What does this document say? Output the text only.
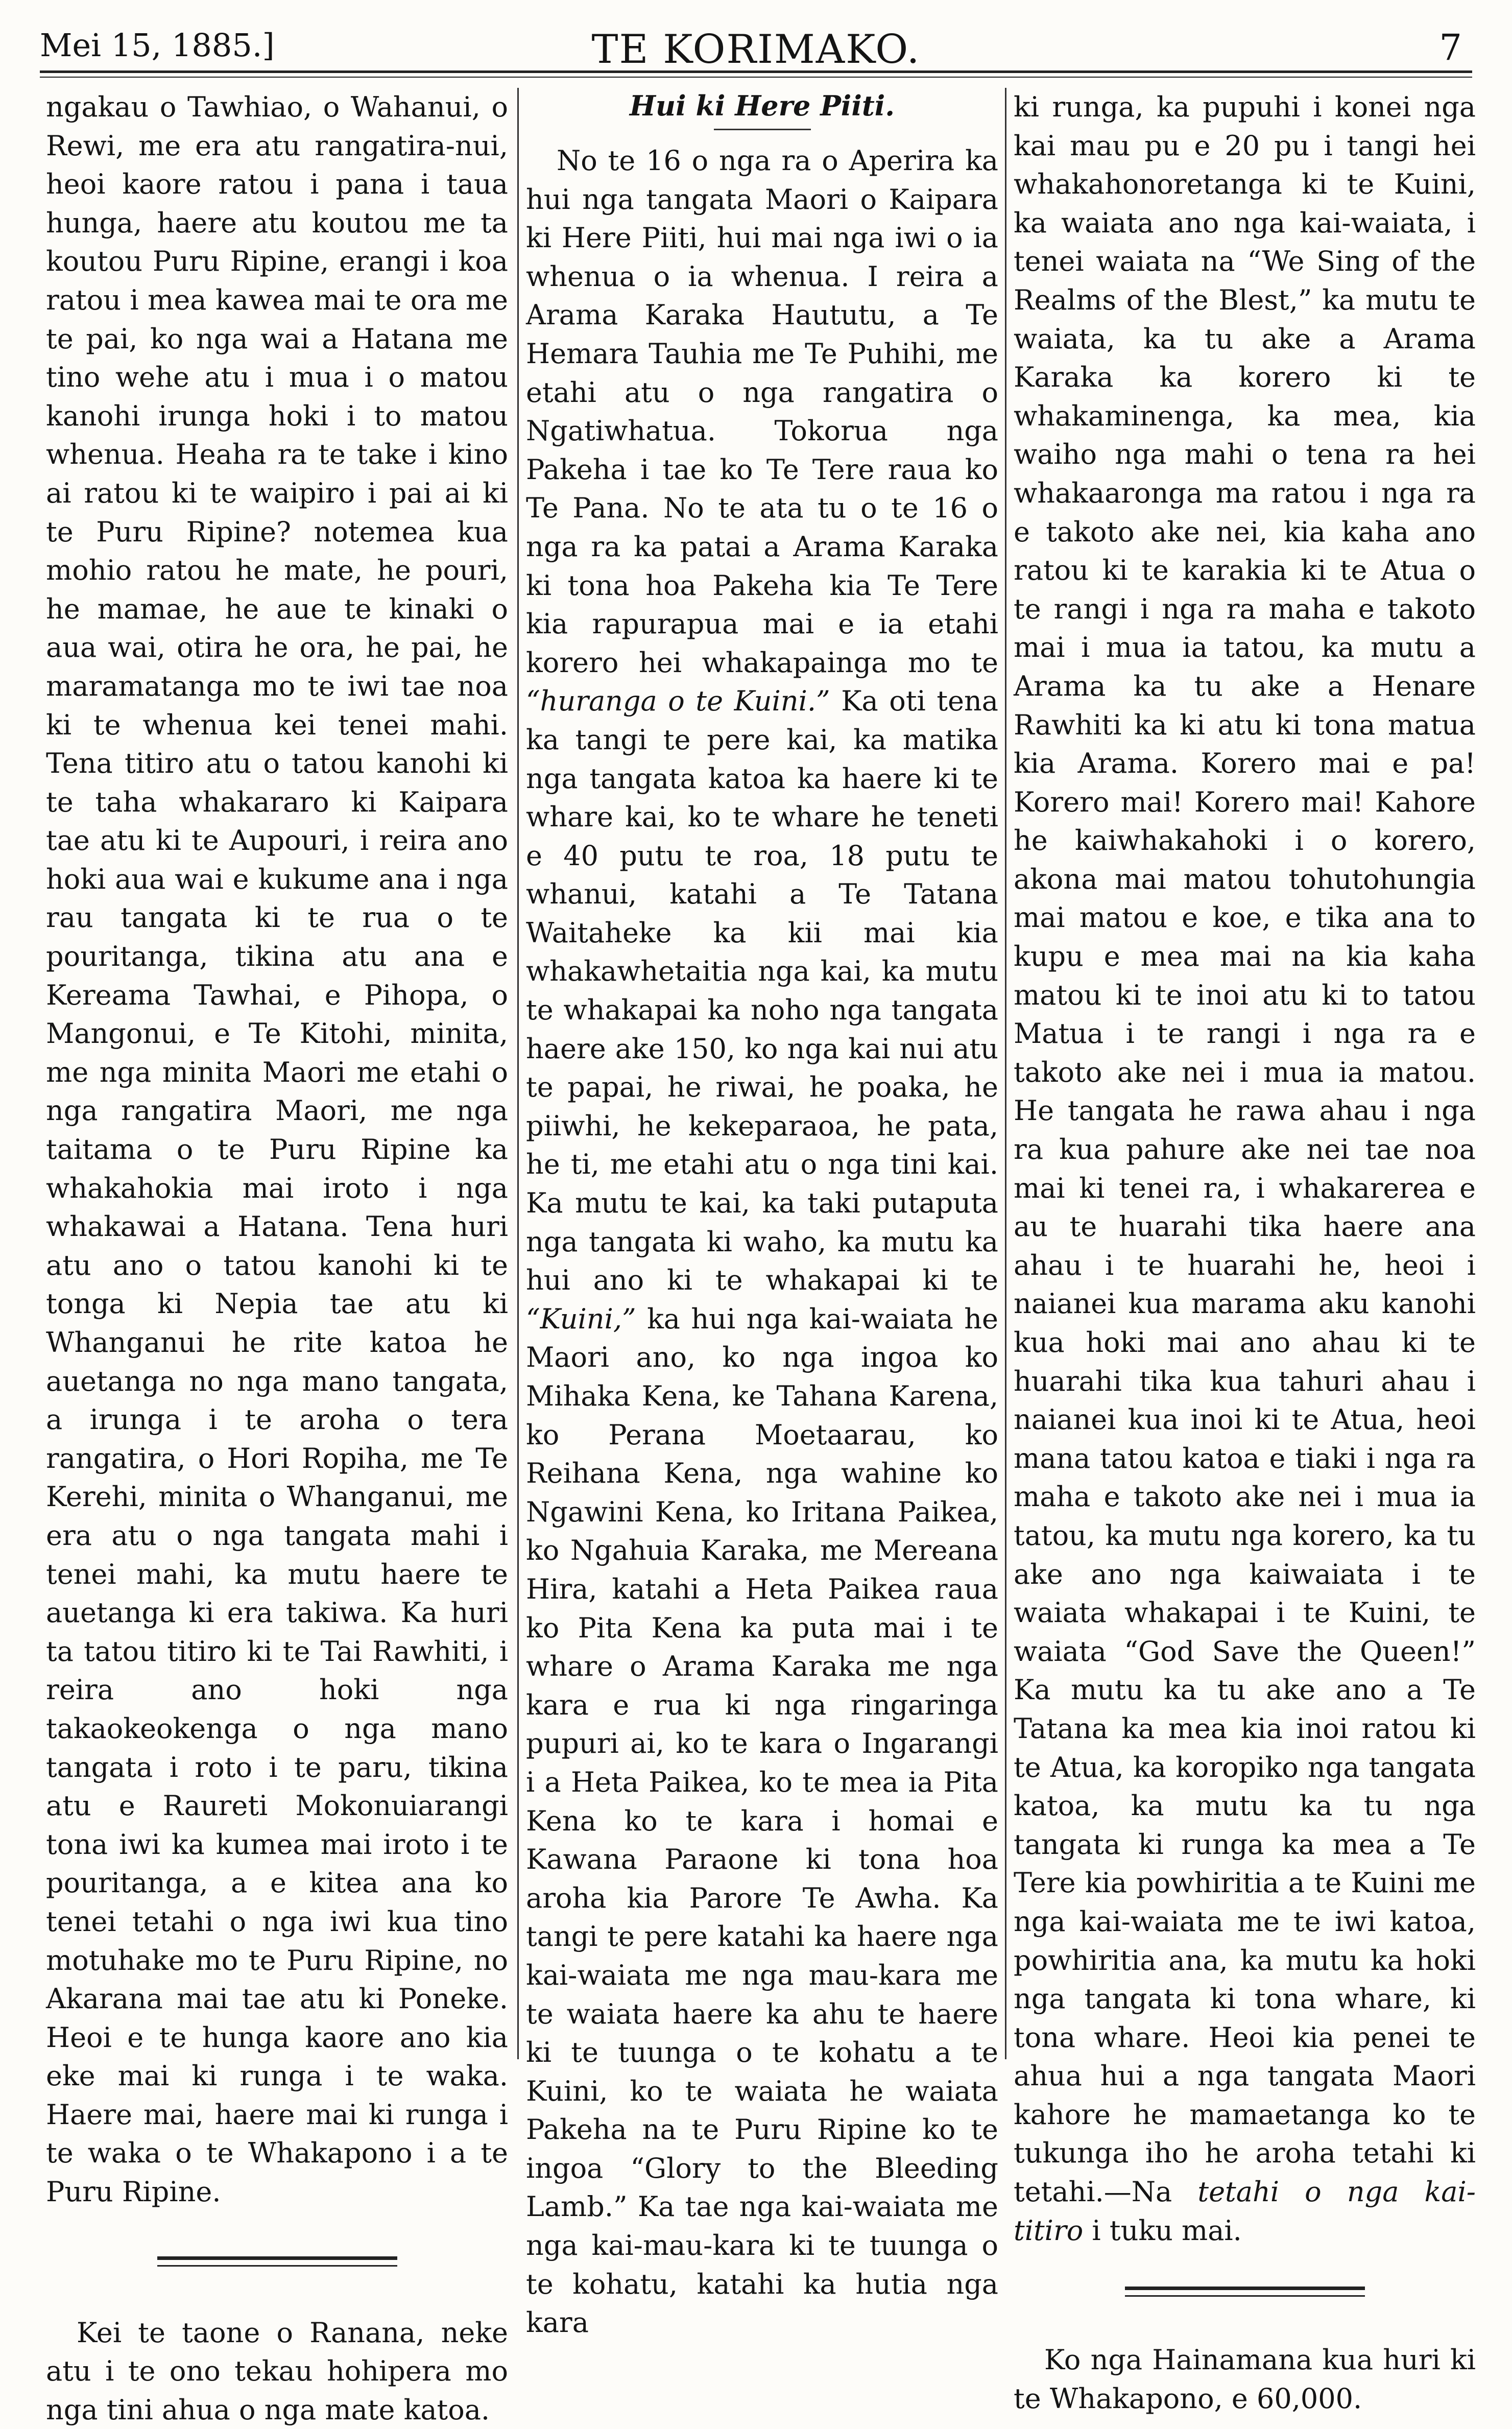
Mei 15, 1885.]	TE KORIMAKO.	7

ngakau o Tawhiao, o Wahanui, o Rewi, me era atu rangatira-nui, heoi kaore ratou i pana i taua hunga, haere atu koutou me ta koutou Puru Ripine, erangi i koa ratou i mea kawea mai te ora me te pai, ko nga wai a Hatana me tino wehe atu i mua i o matou kanohi irunga hoki i to matou whenua. Heaha ra te take i kino ai ratou ki te waipiro i pai ai ki te Puru Ripine? notemea kua mohio ratou he mate, he pouri, he mamae, he aue te kinaki o aua wai, otira he ora, he pai, he maramatanga mo te iwi tae noa ki te whenua kei tenei mahi. Tena titiro atu o tatou kanohi ki te taha whakararo ki Kaipara tae atu ki te Aupouri, i reira ano hoki aua wai e kukume ana i nga rau tangata ki te rua o te pouritanga, tikina atu ana e Kereama Tawhai, e Pihopa, o Mangonui, e Te Kitohi, minita, me nga minita Maori me etahi o nga rangatira Maori, me nga taitama o te Puru Ripine ka whakahokia mai iroto i nga whakawai a Hatana. Tena huri atu ano o tatou kanohi ki te tonga ki Nepia tae atu ki Whanganui he rite katoa he auetanga no nga mano tangata, a irunga i te aroha o tera rangatira, o Hori Ropiha, me Te Kerehi, minita o Whanganui, me era atu o nga tangata mahi i tenei mahi, ka mutu haere te auetanga ki era takiwa. Ka huri ta tatou titiro ki te Tai Rawhiti, i reira ano hoki nga takaokeokenga o nga mano tangata i roto i te paru, tikina atu e Raureti Mokonuiarangi tona iwi ka kumea mai iroto i te pouritanga, a e kitea ana ko tenei tetahi o nga iwi kua tino motuhake mo te Puru Ripine, no Akarana mai tae atu ki Poneke. Heoi e te hunga kaore ano kia eke mai ki runga i te waka. Haere mai, haere mai ki runga i te waka o te Whakapono i a te Puru Ripine.

Kei te taone o Ranana, neke atu i te ono tekau hohipera mo nga tini ahua o nga mate katoa.

Hui ki Here Piiti.

No te 16 o nga ra o Aperira ka hui nga tangata Maori o Kaipara ki Here Piiti, hui mai nga iwi o ia whenua o ia whenua. I reira a Arama Karaka Haututu, a Te Hemara Tauhia me Te Puhihi, me etahi atu o nga rangatira o Ngatiwhatua. Tokorua nga Pakeha i tae ko Te Tere raua ko Te Pana. No te ata tu o te 16 o nga ra ka patai a Arama Karaka ki tona hoa Pakeha kia Te Tere kia rapurapua mai e ia etahi korero hei whakapainga mo te “huranga o te Kuini.” Ka oti tena ka tangi te pere kai, ka matika nga tangata katoa ka haere ki te whare kai, ko te whare he teneti e 40 putu te roa, 18 putu te whanui, katahi a Te Tatana Waitaheke ka kii mai kia whakawhetaitia nga kai, ka mutu te whakapai ka noho nga tangata haere ake 150, ko nga kai nui atu te papai, he riwai, he poaka, he piiwhi, he kekeparaoa, he pata, he ti, me etahi atu o nga tini kai. Ka mutu te kai, ka taki putaputa nga tangata ki waho, ka mutu ka hui ano ki te whakapai ki te “Kuini,” ka hui nga kai-waiata he Maori ano, ko nga ingoa ko Mihaka Kena, ke Tahana Karena, ko Perana Moetaarau, ko Reihana Kena, nga wahine ko Ngawini Kena, ko Iritana Paikea, ko Ngahuia Karaka, me Mereana Hira, katahi a Heta Paikea raua ko Pita Kena ka puta mai i te whare o Arama Karaka me nga kara e rua ki nga ringaringa pupuri ai, ko te kara o Ingarangi i a Heta Paikea, ko te mea ia Pita Kena ko te kara i homai e Kawana Paraone ki tona hoa aroha kia Parore Te Awha. Ka tangi te pere katahi ka haere nga kai-waiata me nga mau-kara me te waiata haere ka ahu te haere ki te tuunga o te kohatu a te Kuini, ko te waiata he waiata Pakeha na te Puru Ripine ko te ingoa “Glory to the Bleeding Lamb.” Ka tae nga kai-waiata me nga kai-mau-kara ki te tuunga o te kohatu, katahi ka hutia nga kara

ki runga, ka pupuhi i konei nga kai mau pu e 20 pu i tangi hei whakahonoretanga ki te Kuini, ka waiata ano nga kai-waiata, i tenei waiata na “We Sing of the Realms of the Blest,” ka mutu te waiata, ka tu ake a Arama Karaka ka korero ki te whakaminenga, ka mea, kia waiho nga mahi o tena ra hei whakaaronga ma ratou i nga ra e takoto ake nei, kia kaha ano ratou ki te karakia ki te Atua o te rangi i nga ra maha e takoto mai i mua ia tatou, ka mutu a Arama ka tu ake a Henare Rawhiti ka ki atu ki tona matua kia Arama. Korero mai e pa! Korero mai! Korero mai! Kahore he kaiwhakahoki i o korero, akona mai matou tohutohungia mai matou e koe, e tika ana to kupu e mea mai na kia kaha matou ki te inoi atu ki to tatou Matua i te rangi i nga ra e takoto ake nei i mua ia matou. He tangata he rawa ahau i nga ra kua pahure ake nei tae noa mai ki tenei ra, i whakarerea e au te huarahi tika haere ana ahau i te huarahi he, heoi i naianei kua marama aku kanohi kua hoki mai ano ahau ki te huarahi tika kua tahuri ahau i naianei kua inoi ki te Atua, heoi mana tatou katoa e tiaki i nga ra maha e takoto ake nei i mua ia tatou, ka mutu nga korero, ka tu ake ano nga kaiwaiata i te waiata whakapai i te Kuini, te waiata “God Save the Queen!” Ka mutu ka tu ake ano a Te Tatana ka mea kia inoi ratou ki te Atua, ka koropiko nga tangata katoa, ka mutu ka tu nga tangata ki runga ka mea a Te Tere kia powhiritia a te Kuini me nga kai-waiata me te iwi katoa, powhiritia ana, ka mutu ka hoki nga tangata ki tona whare, ki tona whare. Heoi kia penei te ahua hui a nga tangata Maori kahore he mamaetanga ko te tukunga iho he aroha tetahi ki tetahi.—Na tetahi o nga kai-titiro i tuku mai.

Ko nga Hainamana kua huri ki te Whakapono, e 60,000.
